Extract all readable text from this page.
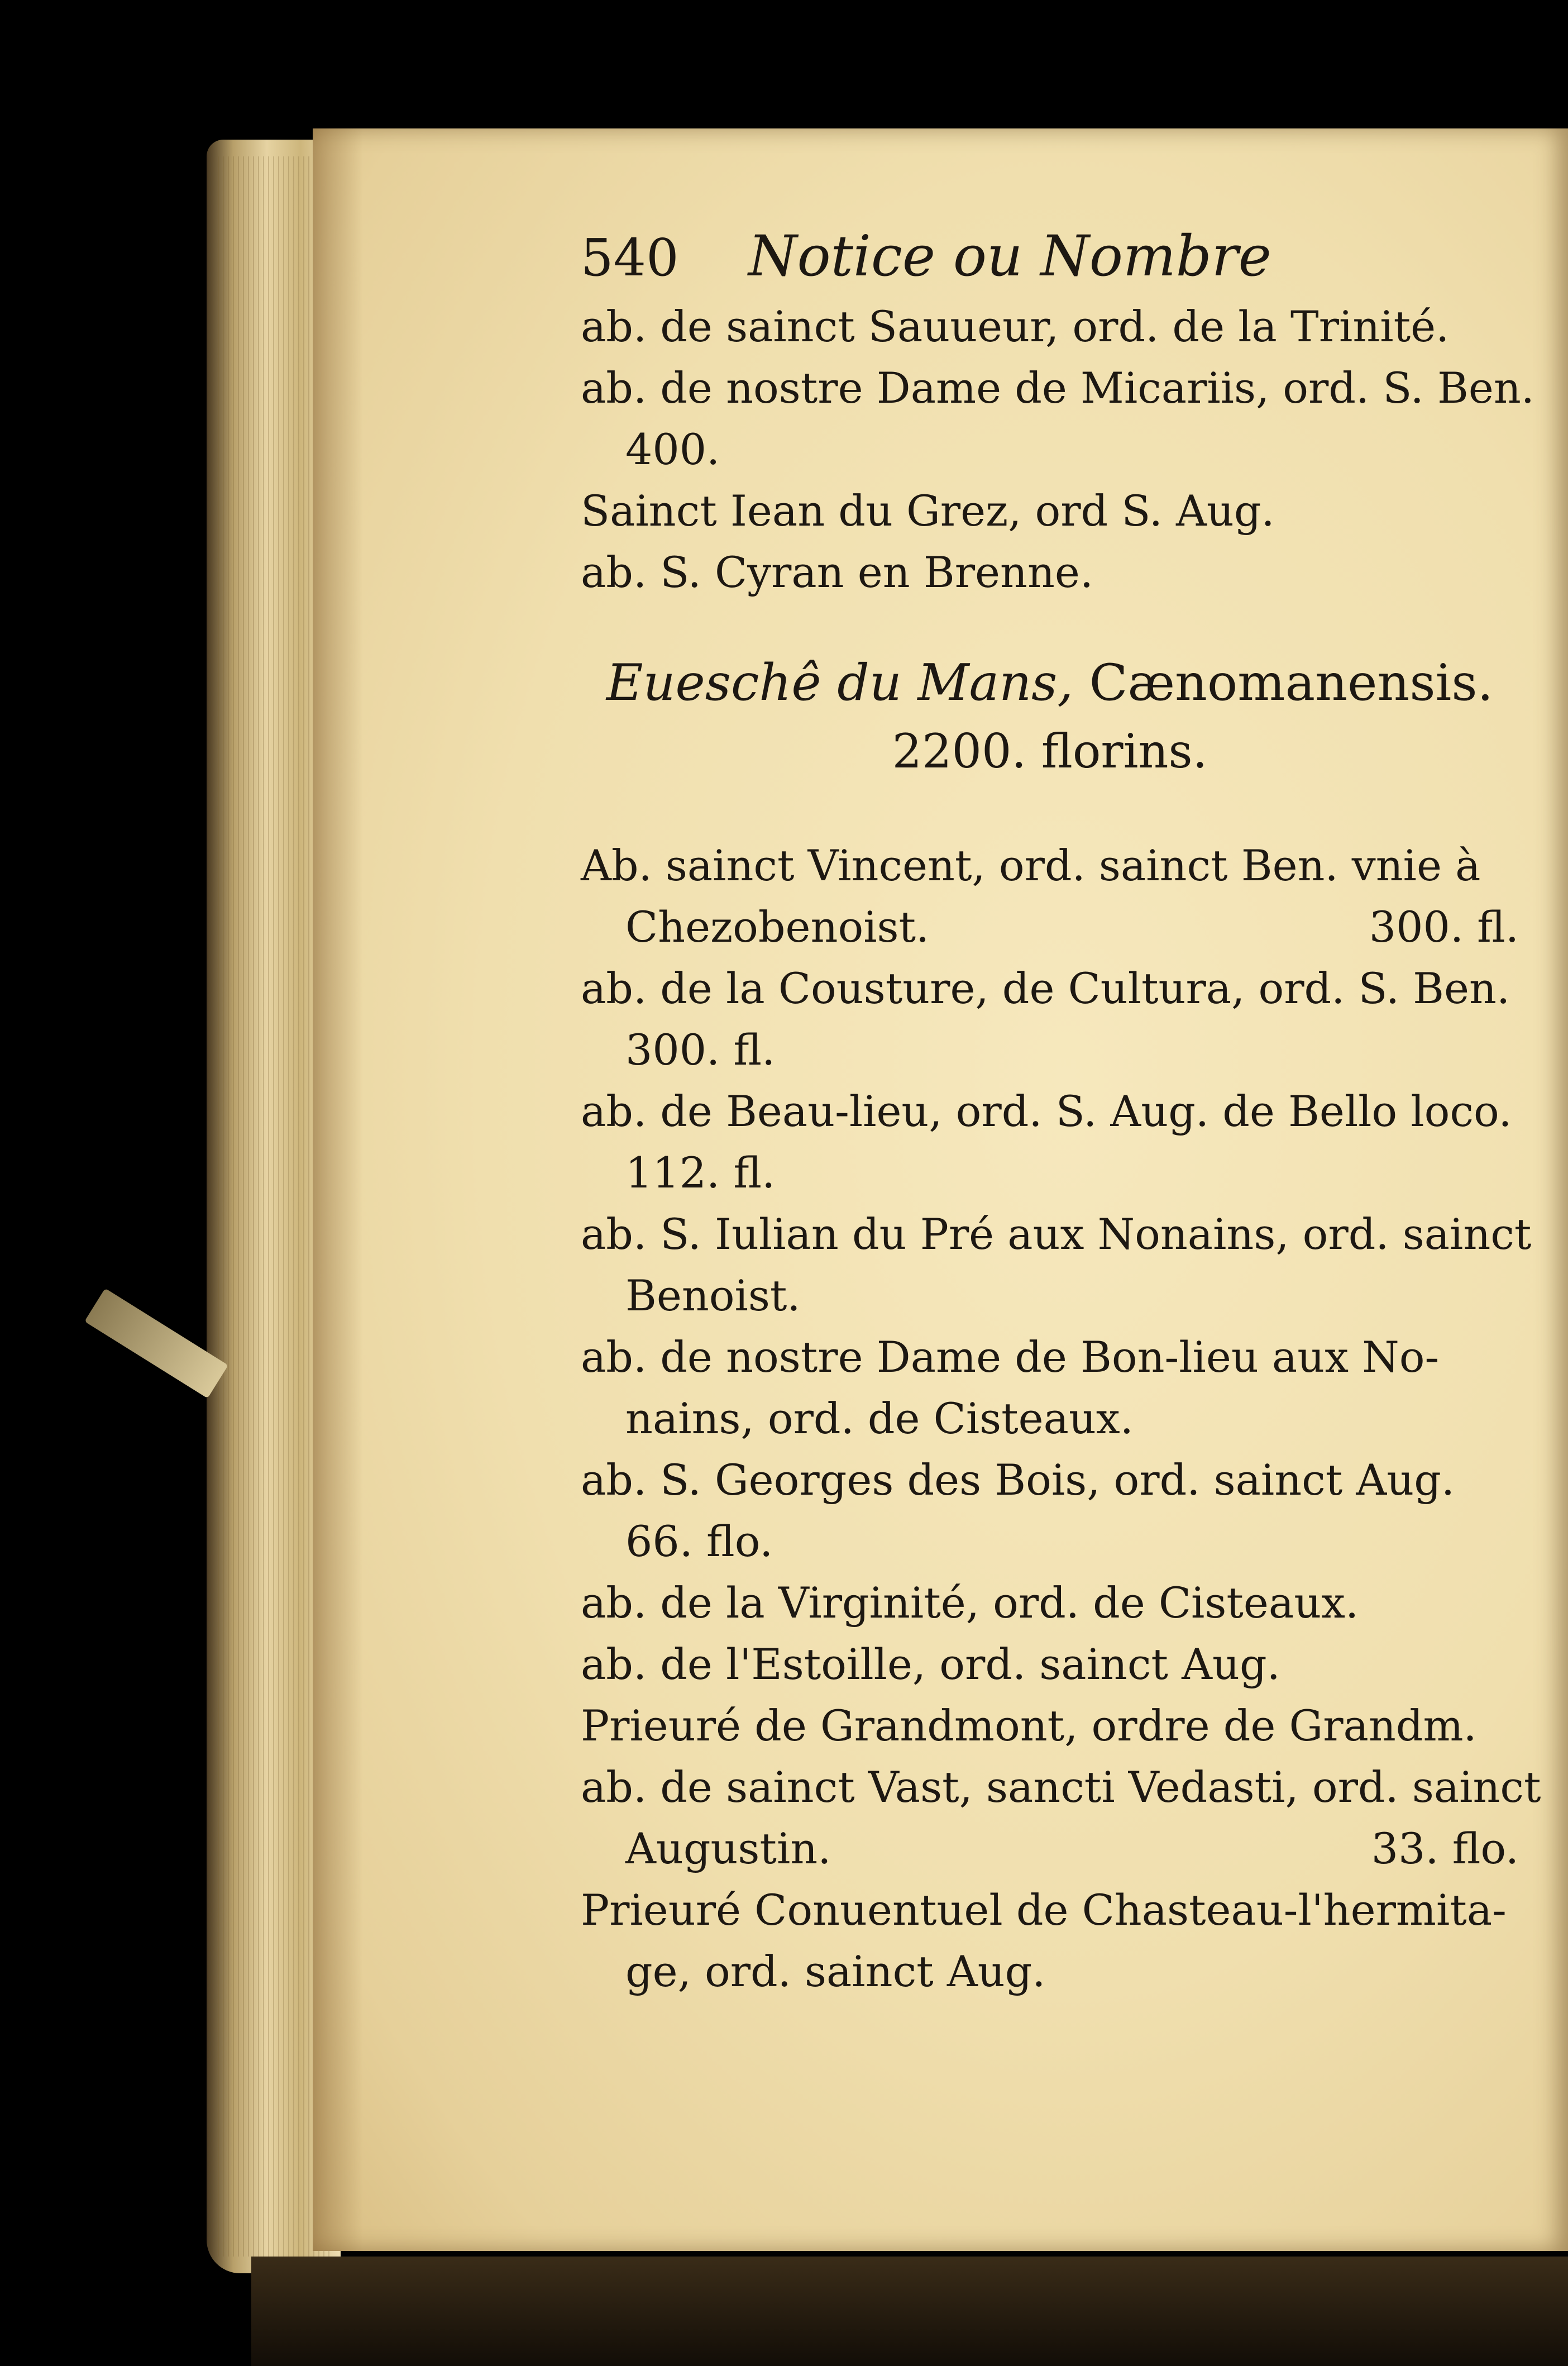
540	Notice ou Nombre
ab. de sainct Sauueur, ord. de la Trinité.
ab. de nostre Dame de Micariis, ord. S. Ben.
400.
Sainct Iean du Grez, ord S. Aug.
ab. S. Cyran en Brenne.
Eueschê du Mans, Cænomanensis.
2200. florins.
Ab. sainct Vincent, ord. sainct Ben. vnie à
Chezobenoist.	300. fl.
ab. de la Cousture, de Cultura, ord. S. Ben.
300. fl.
ab. de Beau-lieu, ord. S. Aug. de Bello loco.
112. fl.
ab. S. Iulian du Pré aux Nonains, ord. sainct
Benoist.
ab. de nostre Dame de Bon-lieu aux No-
nains, ord. de Cisteaux.
ab. S. Georges des Bois, ord. sainct Aug.
66. flo.
ab. de la Virginité, ord. de Cisteaux.
ab. de l'Estoille, ord. sainct Aug.
Prieuré de Grandmont, ordre de Grandm.
ab. de sainct Vast, sancti Vedasti, ord. sainct
Augustin.	33. flo.
Prieuré Conuentuel de Chasteau-l'hermita-
ge, ord. sainct Aug.
